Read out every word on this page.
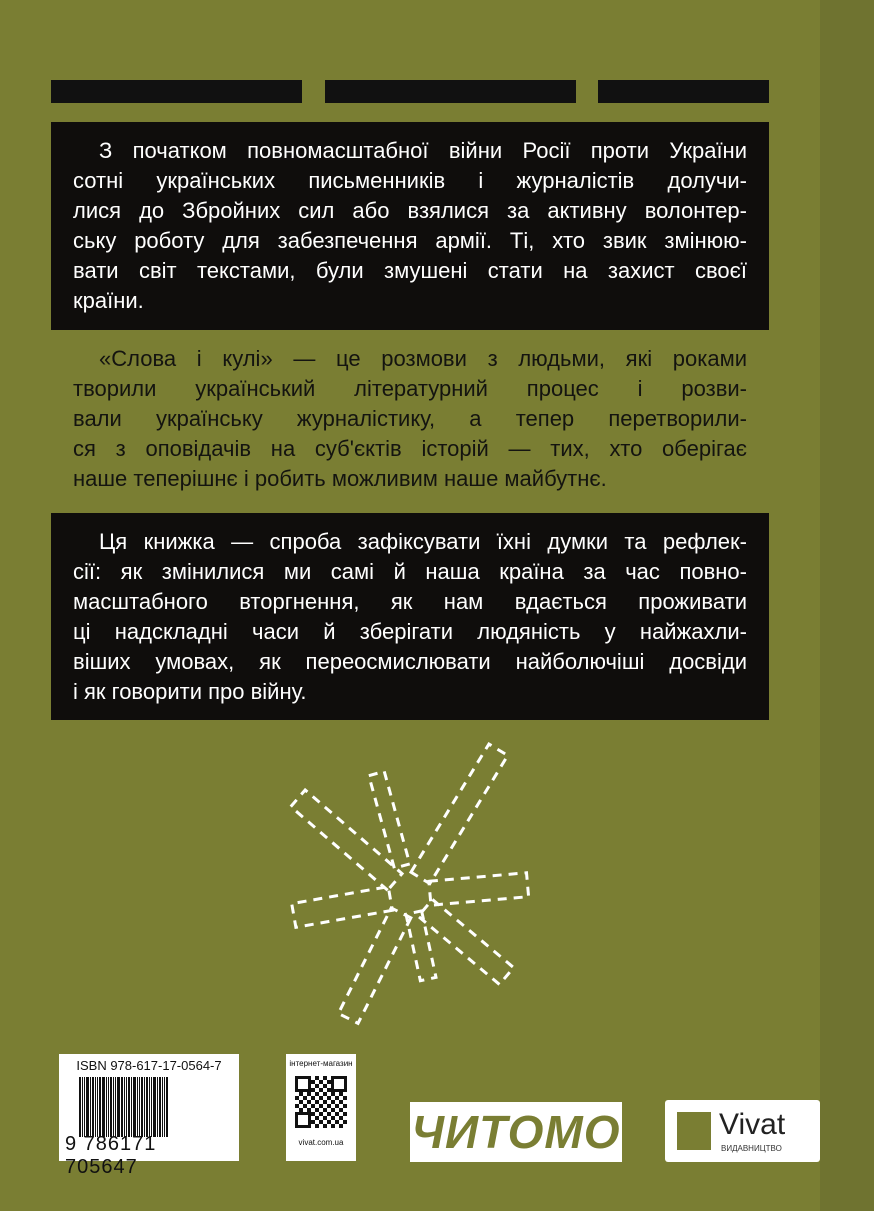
З початком повномасштабної війни Росії проти України
сотні українських письменників і журналістів долучи-
лися до Збройних сил або взялися за активну волонтер-
ську роботу для забезпечення армії. Ті, хто звик змінюю-
вати світ текстами, були змушені стати на захист своєї
країни.
«Слова і кулі» — це розмови з людьми, які роками
творили український літературний процес і розви-
вали українську журналістику, а тепер перетворили-
ся з оповідачів на суб'єктів історій — тих, хто оберігає
наше теперішнє і робить можливим наше майбутнє.
Ця книжка — спроба зафіксувати їхні думки та рефлек-
сії: як змінилися ми самі й наша країна за час повно-
масштабного вторгнення, як нам вдається проживати
ці надскладні часи й зберігати людяність у найжахли-
віших умовах, як переосмислювати найболючіші досвіди
і як говорити про війну.
ISBN 978-617-17-0564-7
9 786171 705647
інтернет-магазин
vivat.com.ua ЧИТОМО	Vivat
ВИДАВНИЦТВО
